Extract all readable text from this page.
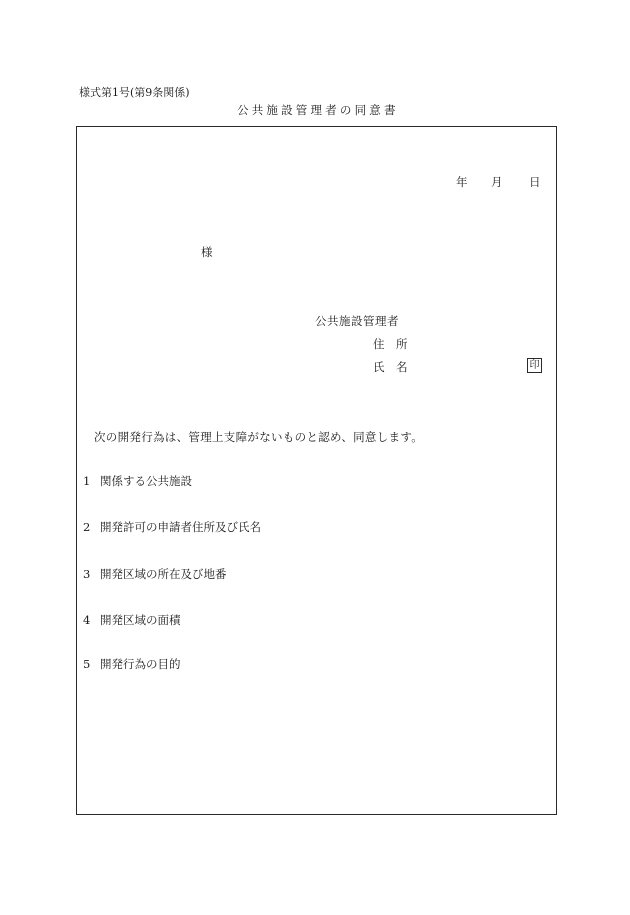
様式第1号(第9条関係)
公共施設管理者の同意書
年 月 日
様
公共施設管理者
住　所
氏　名	印
次の開発行為は、管理上支障がないものと認め、同意します。
1 関係する公共施設
2 開発許可の申請者住所及び氏名
3 開発区域の所在及び地番
4 開発区域の面積
5 開発行為の目的
